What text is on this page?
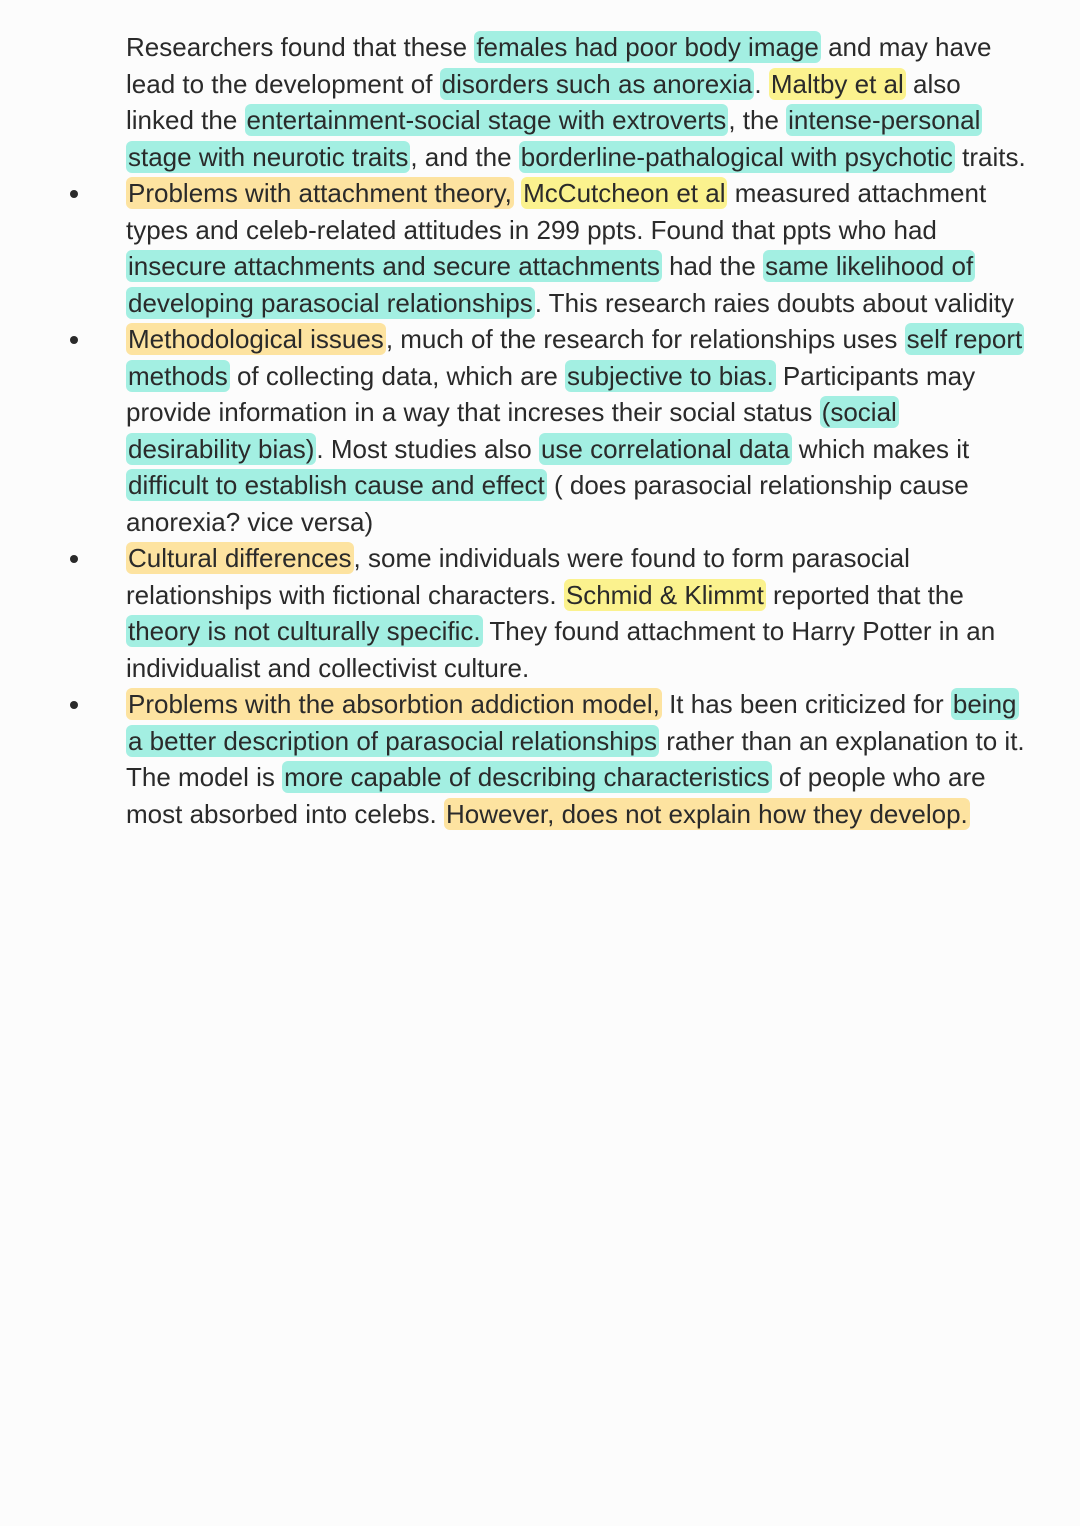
Researchers found that these females had poor body image and may have lead to the development of disorders such as anorexia. Maltby et al also linked the entertainment-social stage with extroverts, the intense-personal stage with neurotic traits, and the borderline-pathalogical with psychotic traits.

Problems with attachment theory, McCutcheon et al measured attachment types and celeb-related attitudes in 299 ppts. Found that ppts who had insecure attachments and secure attachments had the same likelihood of developing parasocial relationships. This research raies doubts about validity

Methodological issues, much of the research for relationships uses self report methods of collecting data, which are subjective to bias. Participants may provide information in a way that increses their social status (social desirability bias). Most studies also use correlational data which makes it difficult to establish cause and effect ( does parasocial relationship cause anorexia? vice versa)

Cultural differences, some individuals were found to form parasocial relationships with fictional characters. Schmid & Klimmt reported that the theory is not culturally specific. They found attachment to Harry Potter in an individualist and collectivist culture.

Problems with the absorbtion addiction model, It has been criticized for being a better description of parasocial relationships rather than an explanation to it. The model is more capable of describing characteristics of people who are most absorbed into celebs. However, does not explain how they develop.
